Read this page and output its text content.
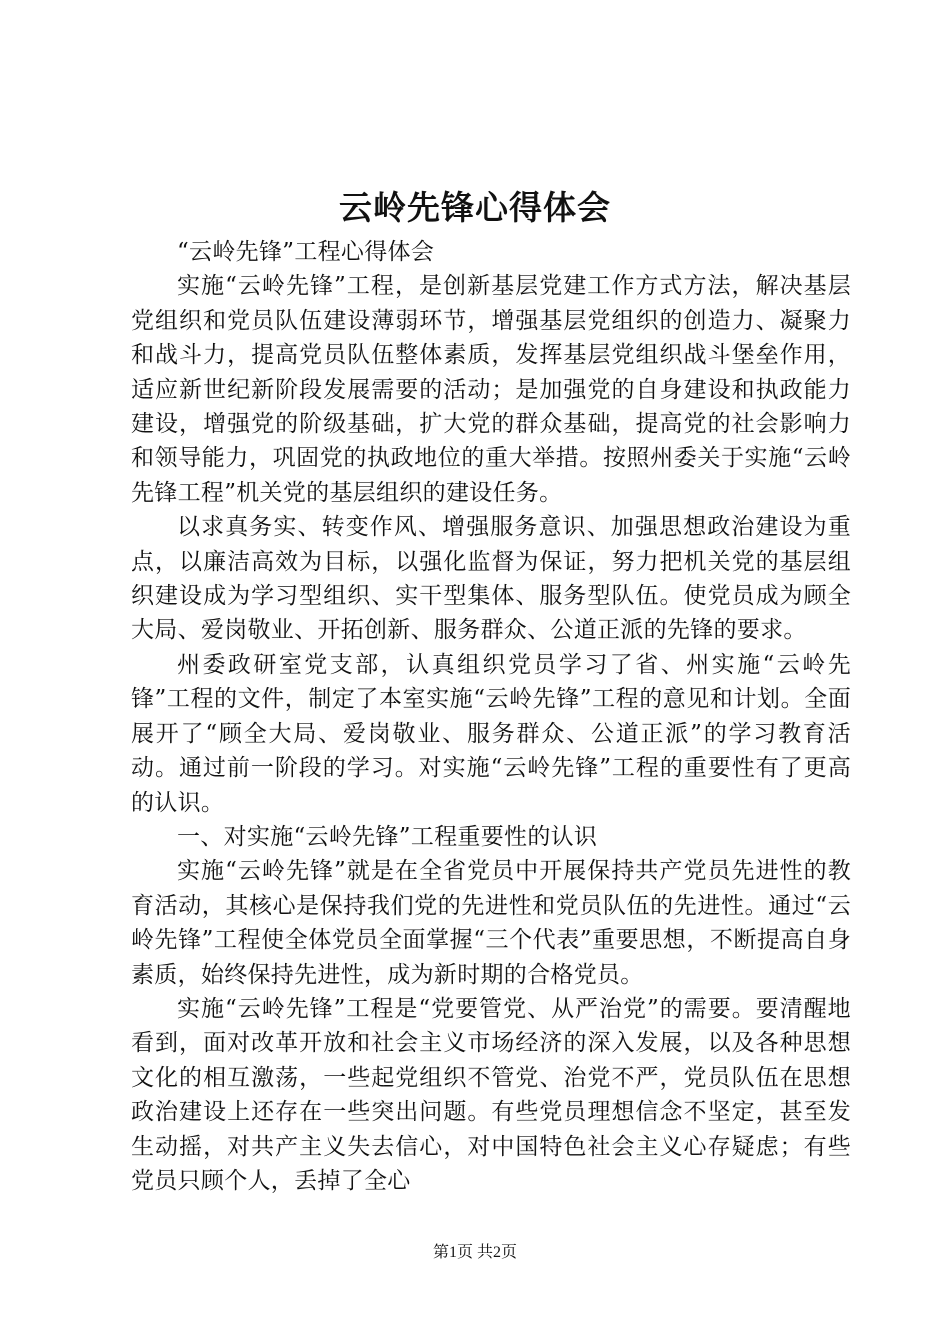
云岭先锋心得体会

“云岭先锋”工程心得体会

实施“云岭先锋”工程，是创新基层党建工作方式方法，解决基层党组织和党员队伍建设薄弱环节，增强基层党组织的创造力、凝聚力和战斗力，提高党员队伍整体素质，发挥基层党组织战斗堡垒作用，适应新世纪新阶段发展需要的活动；是加强党的自身建设和执政能力建设，增强党的阶级基础，扩大党的群众基础，提高党的社会影响力和领导能力，巩固党的执政地位的重大举措。按照州委关于实施“云岭先锋工程”机关党的基层组织的建设任务。

以求真务实、转变作风、增强服务意识、加强思想政治建设为重点，以廉洁高效为目标，以强化监督为保证，努力把机关党的基层组织建设成为学习型组织、实干型集体、服务型队伍。使党员成为顾全大局、爱岗敬业、开拓创新、服务群众、公道正派的先锋的要求。

州委政研室党支部，认真组织党员学习了省、州实施“云岭先锋”工程的文件，制定了本室实施“云岭先锋”工程的意见和计划。全面展开了“顾全大局、爱岗敬业、服务群众、公道正派”的学习教育活动。通过前一阶段的学习。对实施“云岭先锋”工程的重要性有了更高的认识。

一、对实施“云岭先锋”工程重要性的认识

实施“云岭先锋”就是在全省党员中开展保持共产党员先进性的教育活动，其核心是保持我们党的先进性和党员队伍的先进性。通过“云岭先锋”工程使全体党员全面掌握“三个代表”重要思想，不断提高自身素质，始终保持先进性，成为新时期的合格党员。

实施“云岭先锋”工程是“党要管党、从严治党”的需要。要清醒地看到，面对改革开放和社会主义市场经济的深入发展，以及各种思想文化的相互激荡，一些起党组织不管党、治党不严，党员队伍在思想政治建设上还存在一些突出问题。有些党员理想信念不坚定，甚至发生动摇，对共产主义失去信心，对中国特色社会主义心存疑虑；有些党员只顾个人，丢掉了全心

第1页 共2页
